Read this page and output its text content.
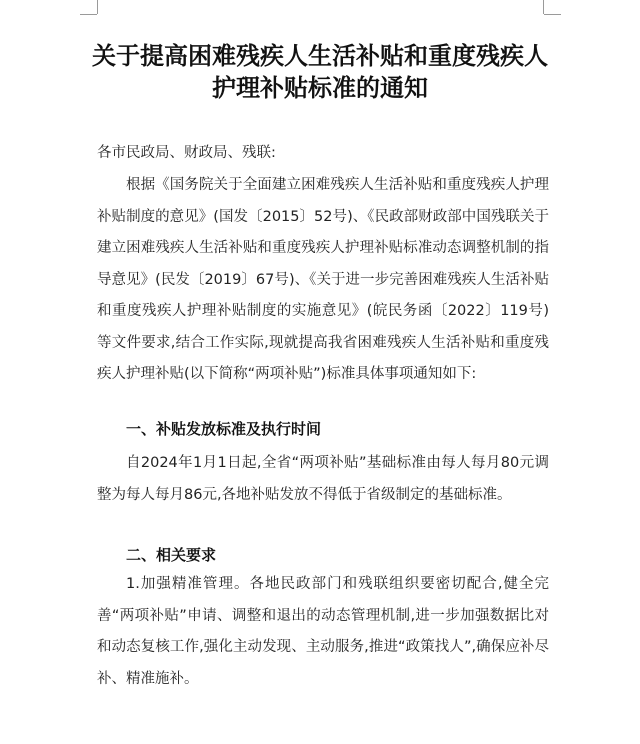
关于提高困难残疾人生活补贴和重度残疾人
护理补贴标准的通知
各市民政局、财政局、残联:
根据《国务院关于全面建立困难残疾人生活补贴和重度残疾人护理补贴制度的意见》(国发〔2015〕52号)、《民政部财政部中国残联关于建立困难残疾人生活补贴和重度残疾人护理补贴标准动态调整机制的指导意见》(民发〔2019〕67号)、《关于进一步完善困难残疾人生活补贴和重度残疾人护理补贴制度的实施意见》(皖民务函〔2022〕119号)等文件要求,结合工作实际,现就提高我省困难残疾人生活补贴和重度残疾人护理补贴(以下简称“两项补贴”)标准具体事项通知如下:
一、补贴发放标准及执行时间
自2024年1月1日起,全省“两项补贴”基础标准由每人每月80元调整为每人每月86元,各地补贴发放不得低于省级制定的基础标准。
二、相关要求
1.加强精准管理。各地民政部门和残联组织要密切配合,健全完善“两项补贴”申请、调整和退出的动态管理机制,进一步加强数据比对和动态复核工作,强化主动发现、主动服务,推进“政策找人”,确保应补尽补、精准施补。
